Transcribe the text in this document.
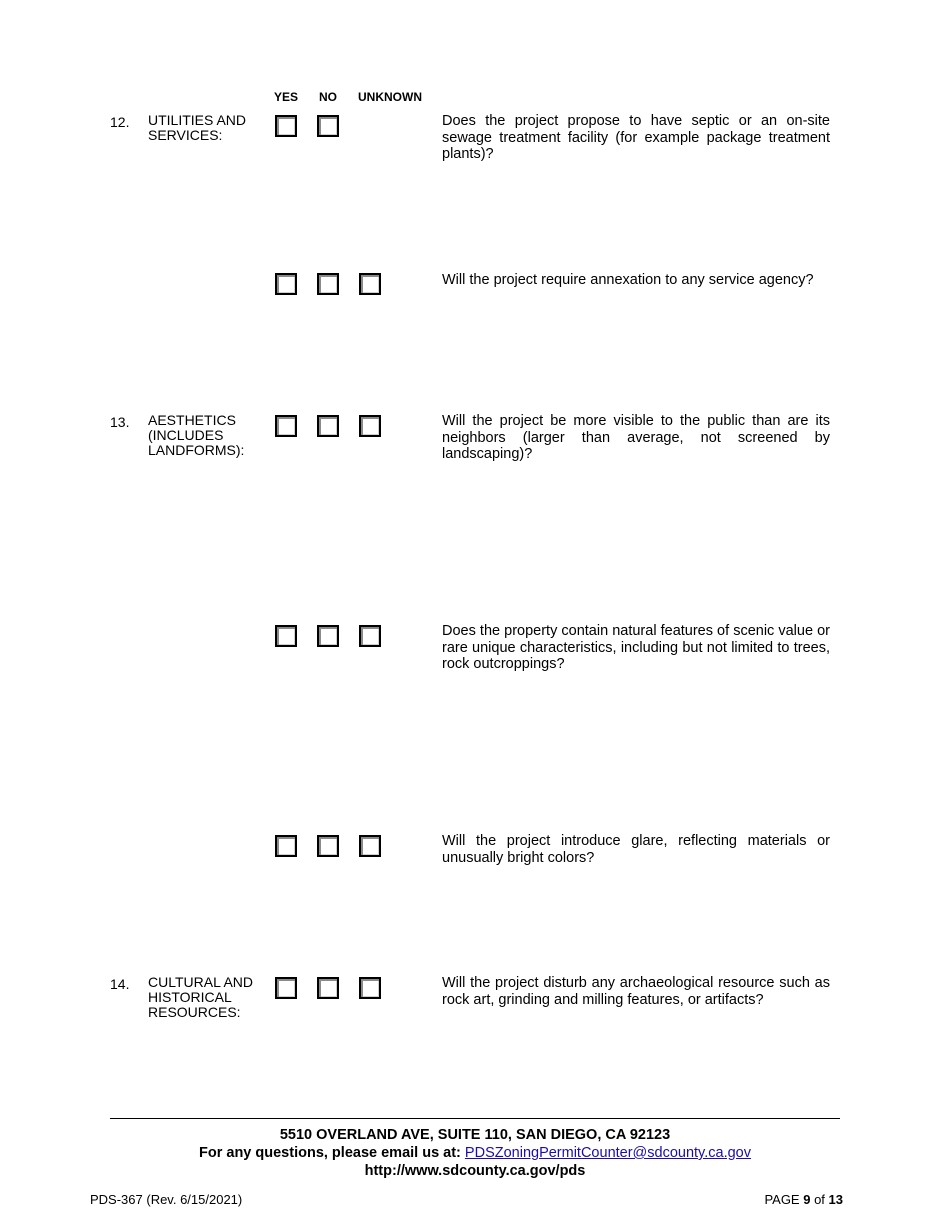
YES NO UNKNOWN
12. UTILITIES AND
SERVICES:
Does the project propose to have septic or an on-site sewage treatment facility (for example package treatment plants)?
Will the project require annexation to any service agency?
13. AESTHETICS
(INCLUDES
LANDFORMS):
Will the project be more visible to the public than are its neighbors (larger than average, not screened by landscaping)?
Does the property contain natural features of scenic value or rare unique characteristics, including but not limited to trees, rock outcroppings?
Will the project introduce glare, reflecting materials or unusually bright colors?
14. CULTURAL AND
HISTORICAL
RESOURCES:
Will the project disturb any archaeological resource such as rock art, grinding and milling features, or artifacts?
5510 OVERLAND AVE, SUITE 110, SAN DIEGO, CA 92123
For any questions, please email us at: PDSZoningPermitCounter@sdcounty.ca.gov
http://www.sdcounty.ca.gov/pds
PDS-367 (Rev. 6/15/2021)	PAGE 9 of 13
